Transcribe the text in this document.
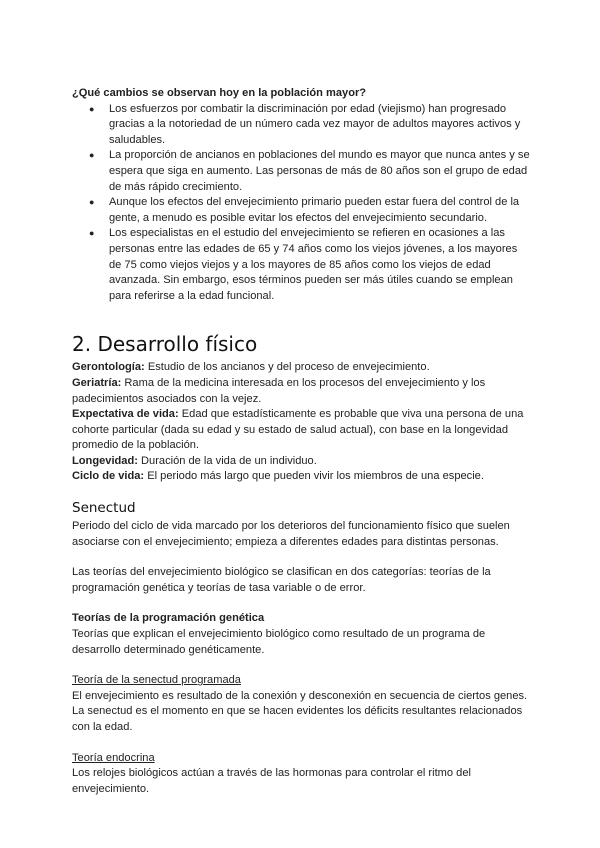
¿Qué cambios se observan hoy en la población mayor?

● Los esfuerzos por combatir la discriminación por edad (viejismo) han progresado gracias a la notoriedad de un número cada vez mayor de adultos mayores activos y saludables.
● La proporción de ancianos en poblaciones del mundo es mayor que nunca antes y se espera que siga en aumento. Las personas de más de 80 años son el grupo de edad de más rápido crecimiento.
● Aunque los efectos del envejecimiento primario pueden estar fuera del control de la gente, a menudo es posible evitar los efectos del envejecimiento secundario.
● Los especialistas en el estudio del envejecimiento se refieren en ocasiones a las personas entre las edades de 65 y 74 años como los viejos jóvenes, a los mayores de 75 como viejos viejos y a los mayores de 85 años como los viejos de edad avanzada. Sin embargo, esos términos pueden ser más útiles cuando se emplean para referirse a la edad funcional.
2. Desarrollo físico

Gerontología: Estudio de los ancianos y del proceso de envejecimiento.

Geriatría: Rama de la medicina interesada en los procesos del envejecimiento y los padecimientos asociados con la vejez.

Expectativa de vida: Edad que estadísticamente es probable que viva una persona de una cohorte particular (dada su edad y su estado de salud actual), con base en la longevidad promedio de la población.

Longevidad: Duración de la vida de un individuo.

Ciclo de vida: El periodo más largo que pueden vivir los miembros de una especie.

Senectud

Periodo del ciclo de vida marcado por los deterioros del funcionamiento físico que suelen asociarse con el envejecimiento; empieza a diferentes edades para distintas personas.

Las teorías del envejecimiento biológico se clasifican en dos categorías: teorías de la programación genética y teorías de tasa variable o de error.

Teorías de la programación genética

Teorías que explican el envejecimiento biológico como resultado de un programa de desarrollo determinado genéticamente.

Teoría de la senectud programada

El envejecimiento es resultado de la conexión y desconexión en secuencia de ciertos genes. La senectud es el momento en que se hacen evidentes los déficits resultantes relacionados con la edad.

Teoría endocrina

Los relojes biológicos actúan a través de las hormonas para controlar el ritmo del envejecimiento.
